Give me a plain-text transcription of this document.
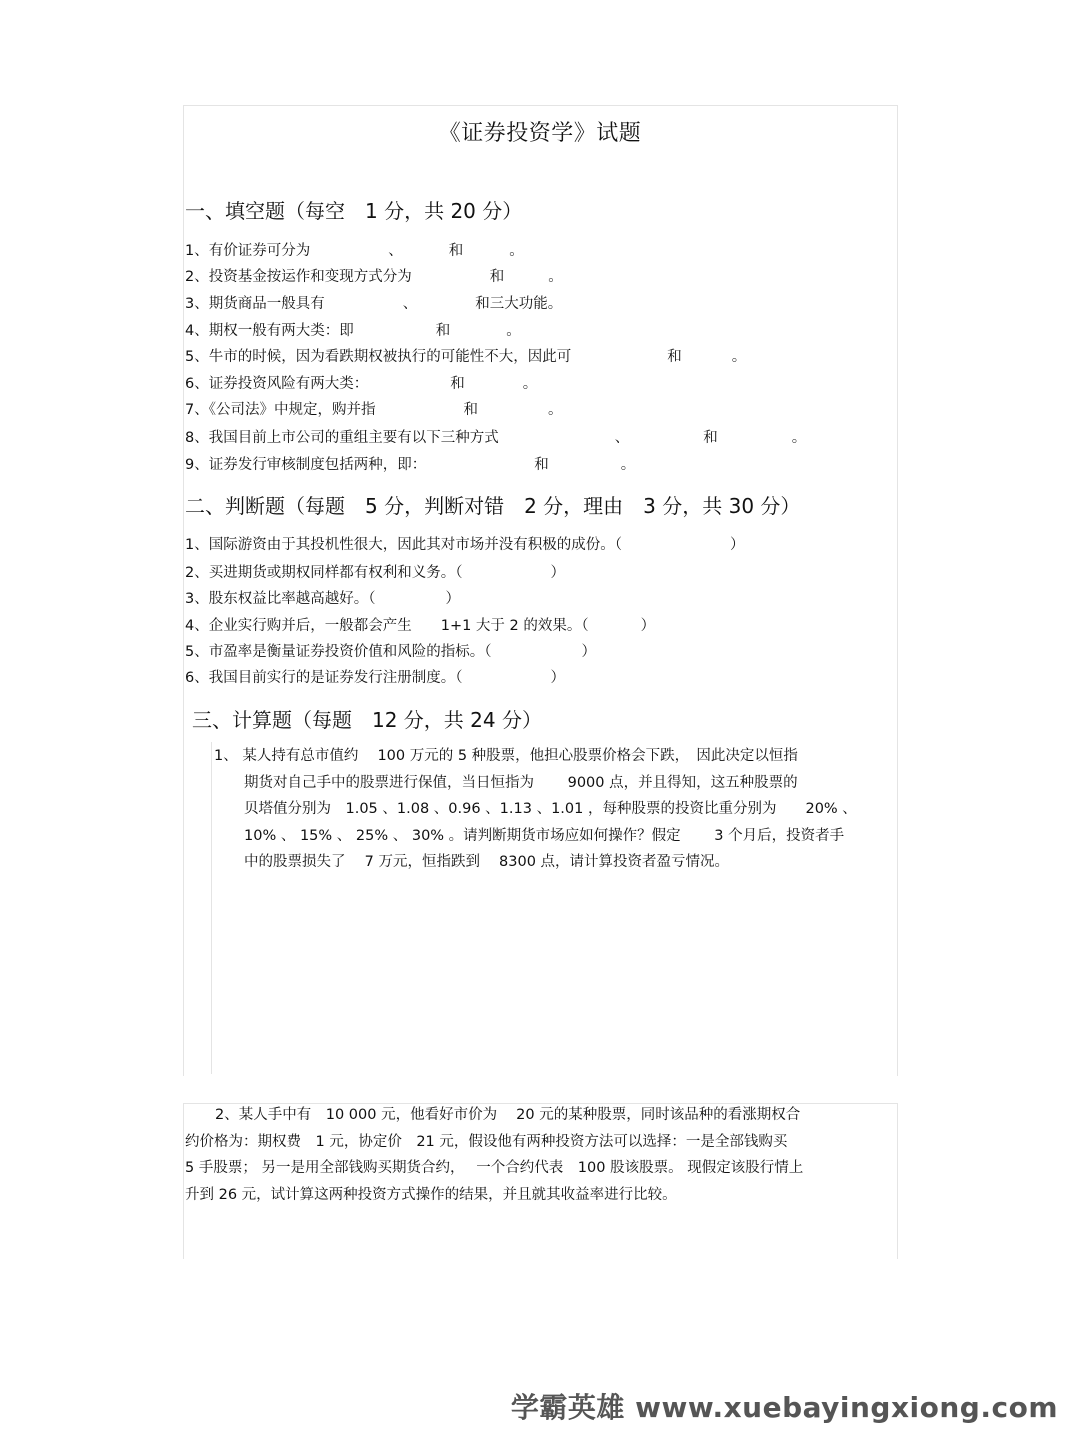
《证券投资学》试题
一、填空题（每空　1 分，共 20 分）
1、有价证券可分为	、	和	。
2、投资基金按运作和变现方式分为	和	。
3、期货商品一般具有	、	和三大功能。
4、期权一般有两大类：即	和	。
5、牛市的时候，因为看跌期权被执行的可能性不大，因此可	和	。
6、证券投资风险有两大类：	和	。
7、《公司法》中规定，购并指	和	。
8、我国目前上市公司的重组主要有以下三种方式	、	和	。
9、证券发行审核制度包括两种，即：	和	。
二、判断题（每题　5 分，判断对错　2 分，理由　3 分，共 30 分）
1、国际游资由于其投机性很大，因此其对市场并没有积极的成份。（	）
2、买进期货或期权同样都有权利和义务。（	）
3、股东权益比率越高越好。（	）
4、企业实行购并后，一般都会产生　　1+1 大于 2 的效果。（	）
5、市盈率是衡量证券投资价值和风险的指标。（	）
6、我国目前实行的是证券发行注册制度。（	）
三、计算题（每题　12 分，共 24 分）
1、 某人持有总市值约　 100 万元的 5 种股票，他担心股票价格会下跌，　因此决定以恒指
期货对自己手中的股票进行保值，当日恒指为　　 9000 点，并且得知，这五种股票的
贝塔值分别为　1.05 、1.08 、0.96 、1.13 、1.01 ，每种股票的投资比重分别为　　20% 、
10% 、 15% 、 25% 、 30% 。请判断期货市场应如何操作？假定　　 3 个月后，投资者手
中的股票损失了　 7 万元，恒指跌到　 8300 点，请计算投资者盈亏情况。
2、某人手中有　10 000 元，他看好市价为　 20 元的某种股票，同时该品种的看涨期权合
约价格为：期权费　1 元，协定价　21 元，假设他有两种投资方法可以选择：一是全部钱购买
5 手股票； 另一是用全部钱购买期货合约，　 一个合约代表　100 股该股票。 现假定该股行情上
升到 26 元，试计算这两种投资方式操作的结果，并且就其收益率进行比较。
学霸英雄 www.xuebayingxiong.com
